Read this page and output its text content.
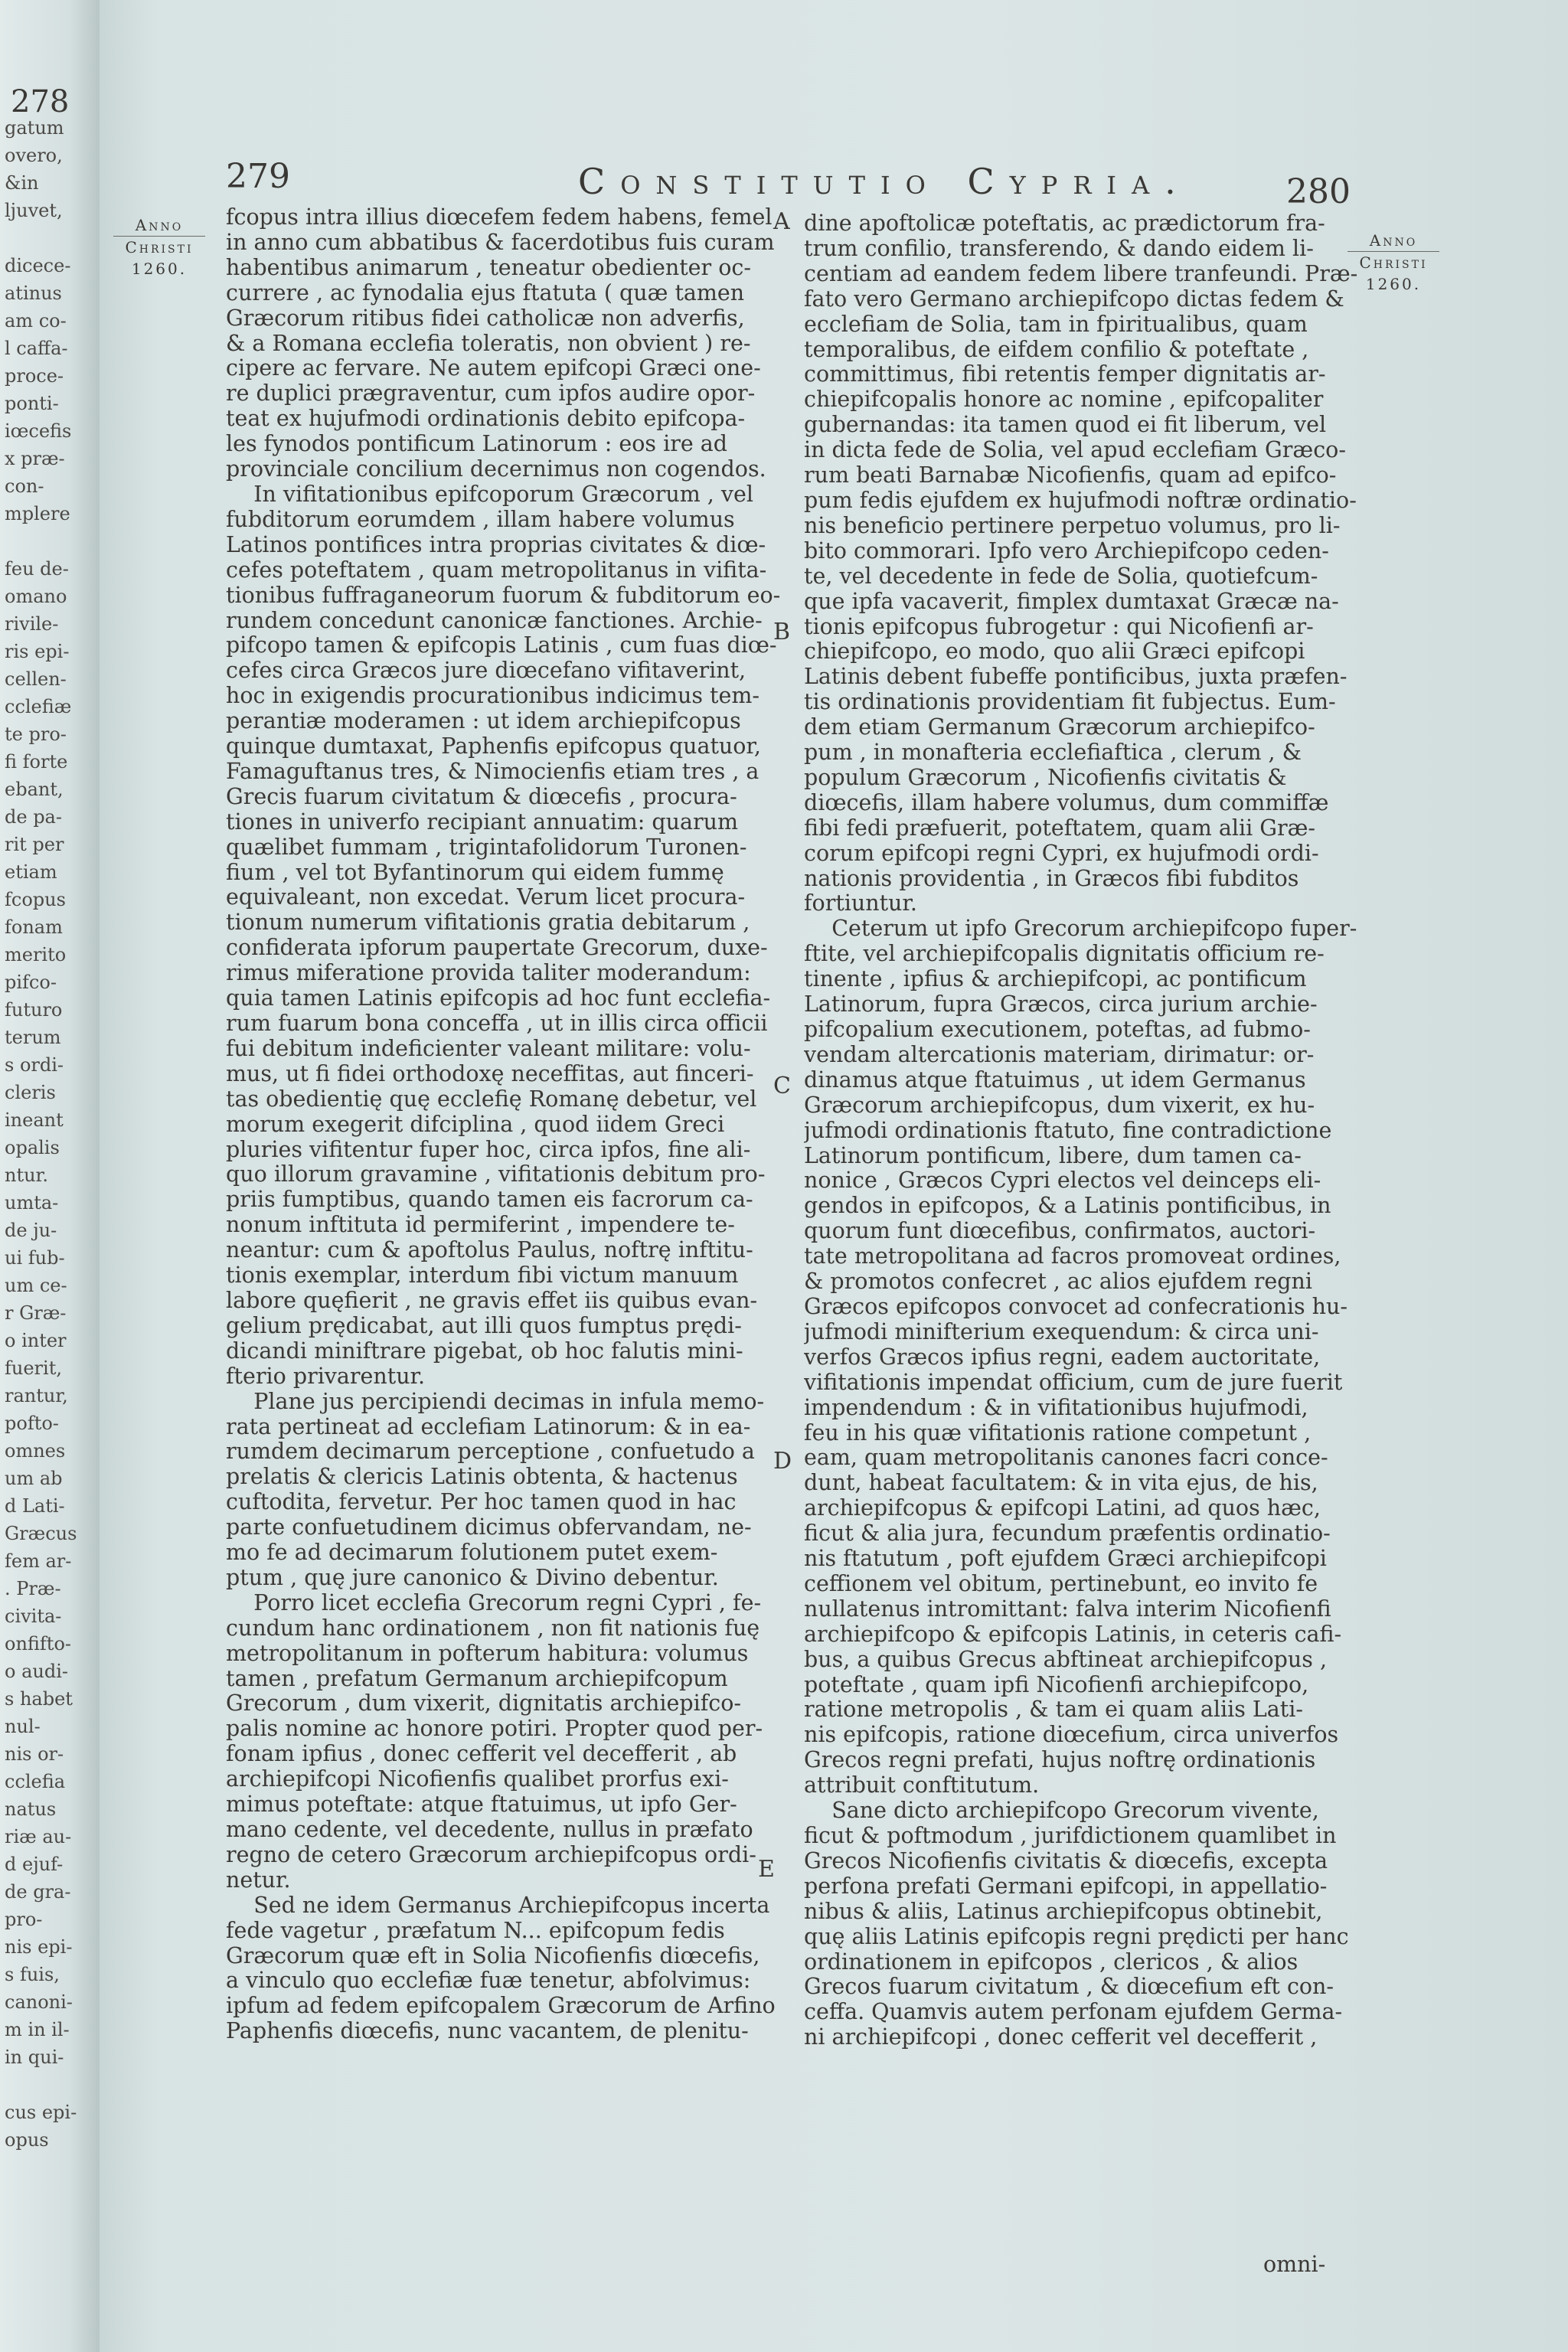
278
gatum
overo,
&in
ljuvet,
dicece-
atinus
am co-
l caffa-
proce-
ponti-
iœcefis
x præ-
con-
mplere
feu de-
omano
rivile-
ris epi-
cellen-
cclefiæ
te pro-
fi forte
ebant,
de pa-
rit per
etiam
fcopus
fonam
merito
pifco-
futuro
terum
s ordi-
cleris
ineant
opalis
ntur.
umta-
de ju-
ui fub-
um ce-
r Græ-
o inter
fuerit,
rantur,
pofto-
omnes
um ab
d Lati-
Græcus
fem ar-
. Præ-
civita-
onfifto-
o audi-
s habet
nul-
nis or-
cclefia
natus
riæ au-
d ejuf-
de gra-
pro-
nis epi-
s fuis,
canoni-
m in il-
in qui-
cus epi-
opus
279	Constitutio Cypria.	280
Anno
Christi
1260.
Anno
Christi
1260.
fcopus intra illius diœcefem fedem habens, femel
in anno cum abbatibus & facerdotibus fuis curam
habentibus animarum , teneatur obedienter oc-
currere , ac fynodalia ejus ftatuta ( quæ tamen
Græcorum ritibus fidei catholicæ non adverfis,
& a Romana ecclefia toleratis, non obvient ) re-
cipere ac fervare. Ne autem epifcopi Græci one-
re duplici prægraventur, cum ipfos audire opor-
teat ex hujufmodi ordinationis debito epifcopa-
les fynodos pontificum Latinorum : eos ire ad
provinciale concilium decernimus non cogendos.
In vifitationibus epifcoporum Græcorum , vel
fubditorum eorumdem , illam habere volumus
Latinos pontifices intra proprias civitates & diœ-
cefes poteftatem , quam metropolitanus in vifita-
tionibus fuffraganeorum fuorum & fubditorum eo-
rundem concedunt canonicæ fanctiones. Archie-
pifcopo tamen & epifcopis Latinis , cum fuas diœ-
cefes circa Græcos jure diœcefano vifitaverint,
hoc in exigendis procurationibus indicimus tem-
perantiæ moderamen : ut idem archiepifcopus
quinque dumtaxat, Paphenfis epifcopus quatuor,
Famaguftanus tres, & Nimocienfis etiam tres , a
Grecis fuarum civitatum & diœcefis , procura-
tiones in univerfo recipiant annuatim: quarum
quælibet fummam , trigintafolidorum Turonen-
fium , vel tot Byfantinorum qui eidem fummę
equivaleant, non excedat. Verum licet procura-
tionum numerum vifitationis gratia debitarum ,
confiderata ipforum paupertate Grecorum, duxe-
rimus miferatione provida taliter moderandum:
quia tamen Latinis epifcopis ad hoc funt ecclefia-
rum fuarum bona conceffa , ut in illis circa officii
fui debitum indeficienter valeant militare: volu-
mus, ut fi fidei orthodoxę neceffitas, aut finceri-
tas obedientię quę ecclefię Romanę debetur, vel
morum exegerit difciplina , quod iidem Greci
pluries vifitentur fuper hoc, circa ipfos, fine ali-
quo illorum gravamine , vifitationis debitum pro-
priis fumptibus, quando tamen eis facrorum ca-
nonum inftituta id permiferint , impendere te-
neantur: cum & apoftolus Paulus, noftrę inftitu-
tionis exemplar, interdum fibi victum manuum
labore quęfierit , ne gravis effet iis quibus evan-
gelium prędicabat, aut illi quos fumptus prędi-
dicandi miniftrare pigebat, ob hoc falutis mini-
fterio privarentur.
Plane jus percipiendi decimas in infula memo-
rata pertineat ad ecclefiam Latinorum: & in ea-
rumdem decimarum perceptione , confuetudo a
prelatis & clericis Latinis obtenta, & hactenus
cuftodita, fervetur. Per hoc tamen quod in hac
parte confuetudinem dicimus obfervandam, ne-
mo fe ad decimarum folutionem putet exem-
ptum , quę jure canonico & Divino debentur.
Porro licet ecclefia Grecorum regni Cypri , fe-
cundum hanc ordinationem , non fit nationis fuę
metropolitanum in pofterum habitura: volumus
tamen , prefatum Germanum archiepifcopum
Grecorum , dum vixerit, dignitatis archiepifco-
palis nomine ac honore potiri. Propter quod per-
fonam ipfius , donec cefferit vel decefferit , ab
archiepifcopi Nicofienfis qualibet prorfus exi-
mimus poteftate: atque ftatuimus, ut ipfo Ger-
mano cedente, vel decedente, nullus in præfato
regno de cetero Græcorum archiepifcopus ordi-
netur.
Sed ne idem Germanus Archiepifcopus incerta
fede vagetur , præfatum N... epifcopum fedis
Græcorum quæ eft in Solia Nicofienfis diœcefis,
a vinculo quo ecclefiæ fuæ tenetur, abfolvimus:
ipfum ad fedem epifcopalem Græcorum de Arfino
Paphenfis diœcefis, nunc vacantem, de plenitu-
A
B
C
D
E
dine apoftolicæ poteftatis, ac prædictorum fra-
trum confilio, transferendo, & dando eidem li-
centiam ad eandem fedem libere tranfeundi. Præ-
fato vero Germano archiepifcopo dictas fedem &
ecclefiam de Solia, tam in fpiritualibus, quam
temporalibus, de eifdem confilio & poteftate ,
committimus, fibi retentis femper dignitatis ar-
chiepifcopalis honore ac nomine , epifcopaliter
gubernandas: ita tamen quod ei fit liberum, vel
in dicta fede de Solia, vel apud ecclefiam Græco-
rum beati Barnabæ Nicofienfis, quam ad epifco-
pum fedis ejufdem ex hujufmodi noftræ ordinatio-
nis beneficio pertinere perpetuo volumus, pro li-
bito commorari. Ipfo vero Archiepifcopo ceden-
te, vel decedente in fede de Solia, quotiefcum-
que ipfa vacaverit, fimplex dumtaxat Græcæ na-
tionis epifcopus fubrogetur : qui Nicofienfi ar-
chiepifcopo, eo modo, quo alii Græci epifcopi
Latinis debent fubeffe pontificibus, juxta præfen-
tis ordinationis providentiam fit fubjectus. Eum-
dem etiam Germanum Græcorum archiepifco-
pum , in monafteria ecclefiaftica , clerum , &
populum Græcorum , Nicofienfis civitatis &
diœcefis, illam habere volumus, dum commiffæ
fibi fedi præfuerit, poteftatem, quam alii Græ-
corum epifcopi regni Cypri, ex hujufmodi ordi-
nationis providentia , in Græcos fibi fubditos
fortiuntur.
Ceterum ut ipfo Grecorum archiepifcopo fuper-
ftite, vel archiepifcopalis dignitatis officium re-
tinente , ipfius & archiepifcopi, ac pontificum
Latinorum, fupra Græcos, circa jurium archie-
pifcopalium executionem, poteftas, ad fubmo-
vendam altercationis materiam, dirimatur: or-
dinamus atque ftatuimus , ut idem Germanus
Græcorum archiepifcopus, dum vixerit, ex hu-
jufmodi ordinationis ftatuto, fine contradictione
Latinorum pontificum, libere, dum tamen ca-
nonice , Græcos Cypri electos vel deinceps eli-
gendos in epifcopos, & a Latinis pontificibus, in
quorum funt diœcefibus, confirmatos, auctori-
tate metropolitana ad facros promoveat ordines,
& promotos confecret , ac alios ejufdem regni
Græcos epifcopos convocet ad confecrationis hu-
jufmodi minifterium exequendum: & circa uni-
verfos Græcos ipfius regni, eadem auctoritate,
vifitationis impendat officium, cum de jure fuerit
impendendum : & in vifitationibus hujufmodi,
feu in his quæ vifitationis ratione competunt ,
eam, quam metropolitanis canones facri conce-
dunt, habeat facultatem: & in vita ejus, de his,
archiepifcopus & epifcopi Latini, ad quos hæc,
ficut & alia jura, fecundum præfentis ordinatio-
nis ftatutum , poft ejufdem Græci archiepifcopi
ceffionem vel obitum, pertinebunt, eo invito fe
nullatenus intromittant: falva interim Nicofienfi
archiepifcopo & epifcopis Latinis, in ceteris cafi-
bus, a quibus Grecus abftineat archiepifcopus ,
poteftate , quam ipfi Nicofienfi archiepifcopo,
ratione metropolis , & tam ei quam aliis Lati-
nis epifcopis, ratione diœcefium, circa univerfos
Grecos regni prefati, hujus noftrę ordinationis
attribuit conftitutum.
Sane dicto archiepifcopo Grecorum vivente,
ficut & poftmodum , jurifdictionem quamlibet in
Grecos Nicofienfis civitatis & diœcefis, excepta
perfona prefati Germani epifcopi, in appellatio-
nibus & aliis, Latinus archiepifcopus obtinebit,
quę aliis Latinis epifcopis regni prędicti per hanc
ordinationem in epifcopos , clericos , & alios
Grecos fuarum civitatum , & diœcefium eft con-
ceffa. Quamvis autem perfonam ejufdem Germa-
ni archiepifcopi , donec cefferit vel decefferit ,
omni-
